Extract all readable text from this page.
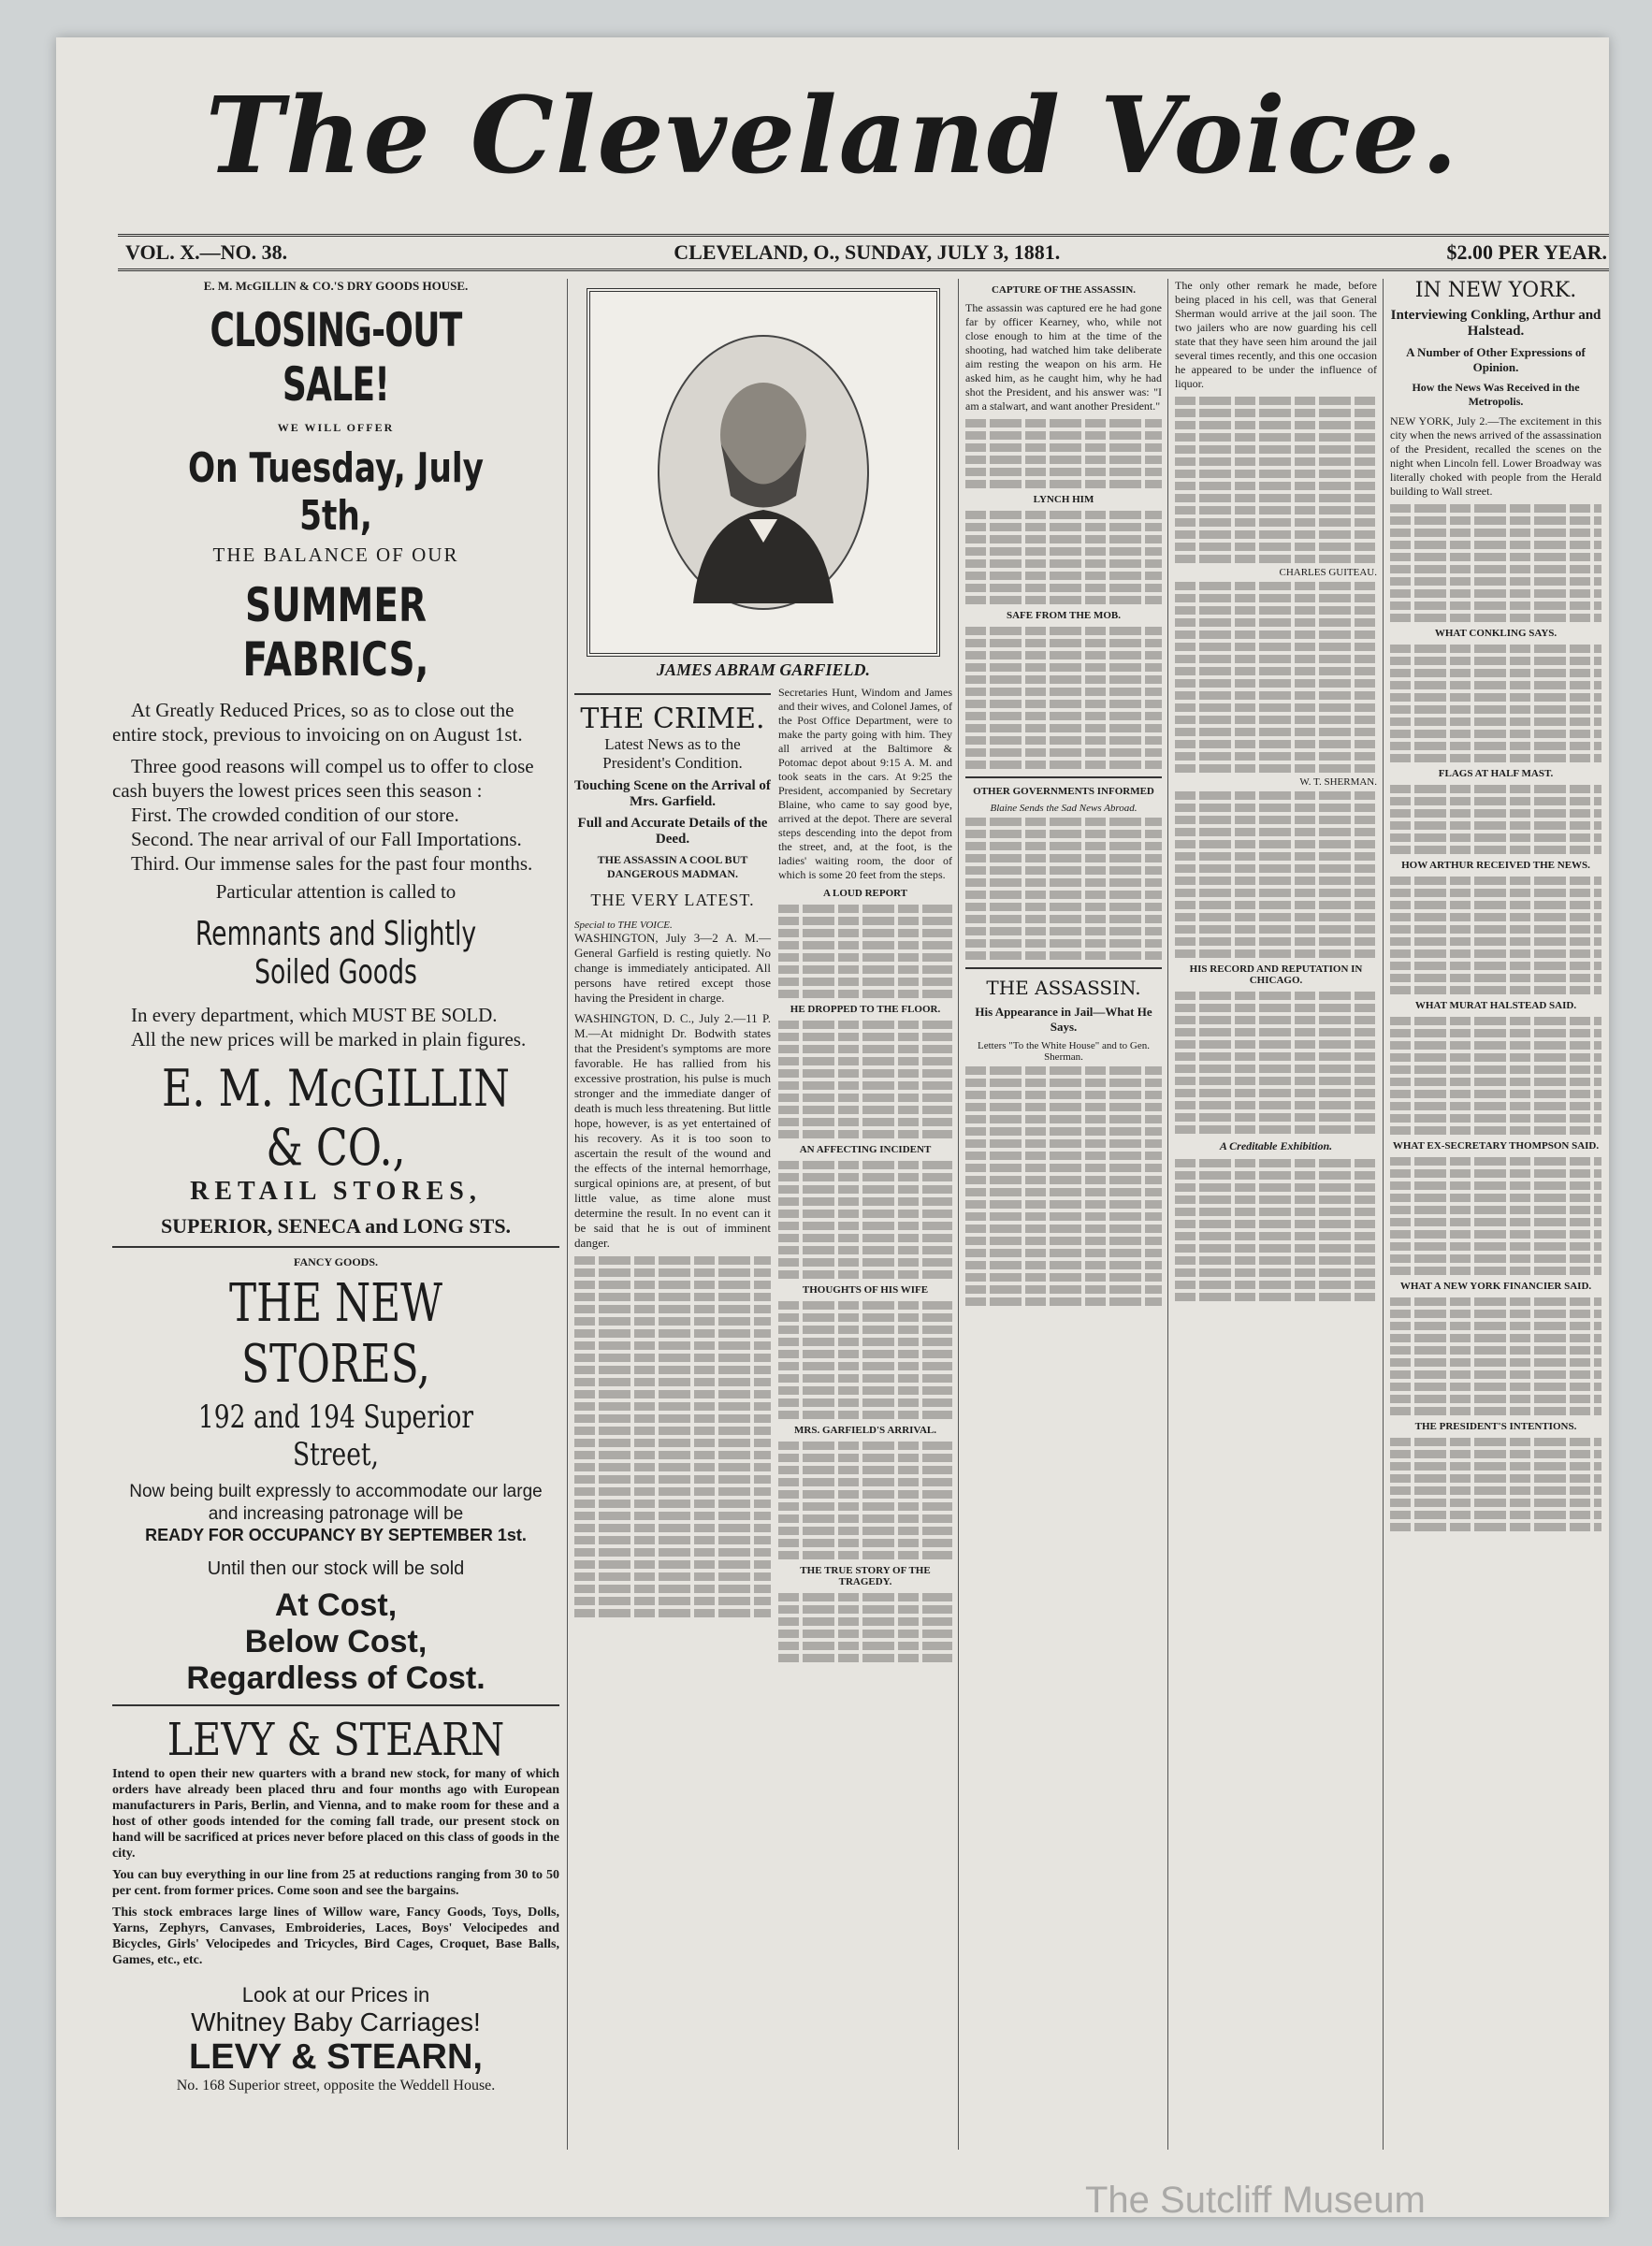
The Cleveland Voice.
VOL. X.—NO. 38.	CLEVELAND, O., SUNDAY, JULY 3, 1881.	$2.00 PER YEAR.
E. M. McGILLIN & CO.'S DRY GOODS HOUSE.
CLOSING-OUT SALE!
WE WILL OFFER
On Tuesday, July 5th,
THE BALANCE OF OUR
SUMMER FABRICS,
At Greatly Reduced Prices, so as to close out the entire stock, previous to invoicing on on August 1st.
Three good reasons will compel us to offer to close cash buyers the lowest prices seen this season :
First. The crowded condition of our store.
Second. The near arrival of our Fall Importations.
Third. Our immense sales for the past four months.
Particular attention is called to
Remnants and Slightly Soiled Goods
In every department, which MUST BE SOLD.
All the new prices will be marked in plain figures.
E. M. McGILLIN & CO.,
RETAIL STORES,
SUPERIOR, SENECA and LONG STS.
FANCY GOODS.
THE NEW STORES,
192 and 194 Superior Street,
Now being built expressly to accommodate our large and increasing patronage will be
READY FOR OCCUPANCY BY SEPTEMBER 1st.
Until then our stock will be sold
At Cost,
Below Cost,
Regardless of Cost.
LEVY & STEARN
Intend to open their new quarters with a brand new stock, for many of which orders have already been placed thru and four months ago with European manufacturers in Paris, Berlin, and Vienna, and to make room for these and a host of other goods intended for the coming fall trade, our present stock on hand will be sacrificed at prices never before placed on this class of goods in the city.
You can buy everything in our line from 25 at reductions ranging from 30 to 50 per cent. from former prices. Come soon and see the bargains.
This stock embraces large lines of Willow ware, Fancy Goods, Toys, Dolls, Yarns, Zephyrs, Canvases, Embroideries, Laces, Boys' Velocipedes and Bicycles, Girls' Velocipedes and Tricycles, Bird Cages, Croquet, Base Balls, Games, etc., etc.
Look at our Prices in
Whitney Baby Carriages!
LEVY & STEARN,
No. 168 Superior street, opposite the Weddell House.
JAMES ABRAM GARFIELD.
THE CRIME.
Latest News as to the President's Condition.
Touching Scene on the Arrival of Mrs. Garfield.
Full and Accurate Details of the Deed.
THE ASSASSIN A COOL BUT DANGEROUS MADMAN.
THE VERY LATEST.
Special to THE VOICE.

WASHINGTON, July 3—2 A. M.—General Garfield is resting quietly. No change is immediately anticipated. All persons have retired except those having the President in charge.

WASHINGTON, D. C., July 2.—11 P. M.—At midnight Dr. Bodwith states that the President's symptoms are more favorable. He has rallied from his excessive prostration, his pulse is much stronger and the immediate danger of death is much less threatening. But little hope, however, is as yet entertained of his recovery. As it is too soon to ascertain the result of the wound and the effects of the internal hemorrhage, surgical opinions are, at present, of but little value, as time alone must determine the result. In no event can it be said that he is out of imminent danger.

Secretaries Hunt, Windom and James and their wives, and Colonel James, of the Post Office Department, were to make the party going with him. They all arrived at the Baltimore & Potomac depot about 9:15 A. M. and took seats in the cars. At 9:25 the President, accompanied by Secretary Blaine, who came to say good bye, arrived at the depot. There are several steps descending into the depot from the street, and, at the foot, is the ladies' waiting room, the door of which is some 20 feet from the steps.

A LOUD REPORT
HE DROPPED TO THE FLOOR.
AN AFFECTING INCIDENT
THOUGHTS OF HIS WIFE
MRS. GARFIELD'S ARRIVAL.
THE TRUE STORY OF THE TRAGEDY.
CAPTURE OF THE ASSASSIN.

The assassin was captured ere he had gone far by officer Kearney, who, while not close enough to him at the time of the shooting, had watched him take deliberate aim resting the weapon on his arm. He asked him, as he caught him, why he had shot the President, and his answer was: "I am a stalwart, and want another President."

LYNCH HIM
SAFE FROM THE MOB.
OTHER GOVERNMENTS INFORMED
Blaine Sends the Sad News Abroad.
THE ASSASSIN.
His Appearance in Jail—What He Says.
Letters "To the White House" and to Gen. Sherman.

The only other remark he made, before being placed in his cell, was that General Sherman would arrive at the jail soon. The two jailers who are now guarding his cell state that they have seen him around the jail several times recently, and this one occasion he appeared to be under the influence of liquor.

CHARLES GUITEAU.
W. T. SHERMAN.
HIS RECORD AND REPUTATION IN CHICAGO.
A Creditable Exhibition.
IN NEW YORK.
Interviewing Conkling, Arthur and Halstead.
A Number of Other Expressions of Opinion.
How the News Was Received in the Metropolis.

NEW YORK, July 2.—The excitement in this city when the news arrived of the assassination of the President, recalled the scenes on the night when Lincoln fell. Lower Broadway was literally choked with people from the Herald building to Wall street.

WHAT CONKLING SAYS.
FLAGS AT HALF MAST.
HOW ARTHUR RECEIVED THE NEWS.
WHAT MURAT HALSTEAD SAID.
WHAT EX-SECRETARY THOMPSON SAID.
WHAT A NEW YORK FINANCIER SAID.
THE PRESIDENT'S INTENTIONS.
The Sutcliff Museum
